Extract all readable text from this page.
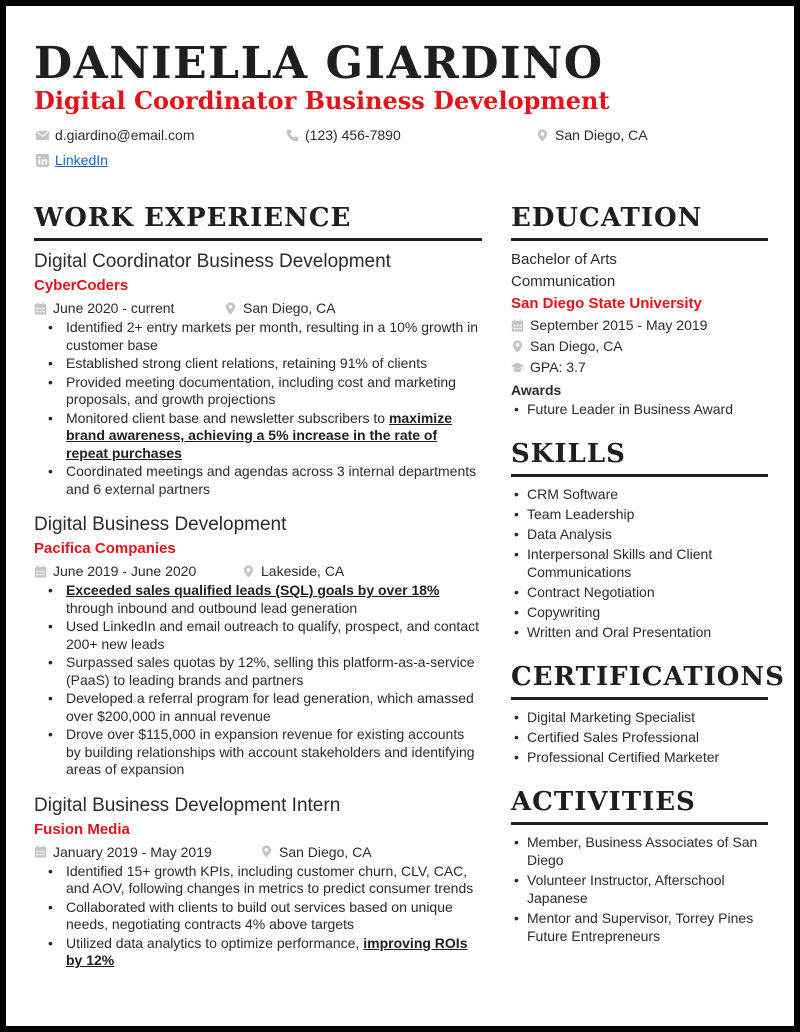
DANIELLA GIARDINO
Digital Coordinator Business Development
d.giardino@email.com	(123) 456-7890	San Diego, CA
LinkedIn
WORK EXPERIENCE
Digital Coordinator Business Development
CyberCoders
June 2020 - current	San Diego, CA
• Identified 2+ entry markets per month, resulting in a 10% growth in customer base
• Established strong client relations, retaining 91% of clients
• Provided meeting documentation, including cost and marketing proposals, and growth projections
• Monitored client base and newsletter subscribers to maximize brand awareness, achieving a 5% increase in the rate of repeat purchases
• Coordinated meetings and agendas across 3 internal departments and 6 external partners
Digital Business Development
Pacifica Companies
June 2019 - June 2020	Lakeside, CA
• Exceeded sales qualified leads (SQL) goals by over 18% through inbound and outbound lead generation
• Used LinkedIn and email outreach to qualify, prospect, and contact 200+ new leads
• Surpassed sales quotas by 12%, selling this platform-as-a-service (PaaS) to leading brands and partners
• Developed a referral program for lead generation, which amassed over $200,000 in annual revenue
• Drove over $115,000 in expansion revenue for existing accounts by building relationships with account stakeholders and identifying areas of expansion
Digital Business Development Intern
Fusion Media
January 2019 - May 2019	San Diego, CA
• Identified 15+ growth KPIs, including customer churn, CLV, CAC, and AOV, following changes in metrics to predict consumer trends
• Collaborated with clients to build out services based on unique needs, negotiating contracts 4% above targets
• Utilized data analytics to optimize performance, improving ROIs by 12%
EDUCATION
Bachelor of Arts
Communication
San Diego State University
September 2015 - May 2019
San Diego, CA
GPA: 3.7
Awards
• Future Leader in Business Award
SKILLS
• CRM Software
• Team Leadership
• Data Analysis
• Interpersonal Skills and Client Communications
• Contract Negotiation
• Copywriting
• Written and Oral Presentation
CERTIFICATIONS
• Digital Marketing Specialist
• Certified Sales Professional
• Professional Certified Marketer
ACTIVITIES
• Member, Business Associates of San Diego
• Volunteer Instructor, Afterschool Japanese
• Mentor and Supervisor, Torrey Pines Future Entrepreneurs
